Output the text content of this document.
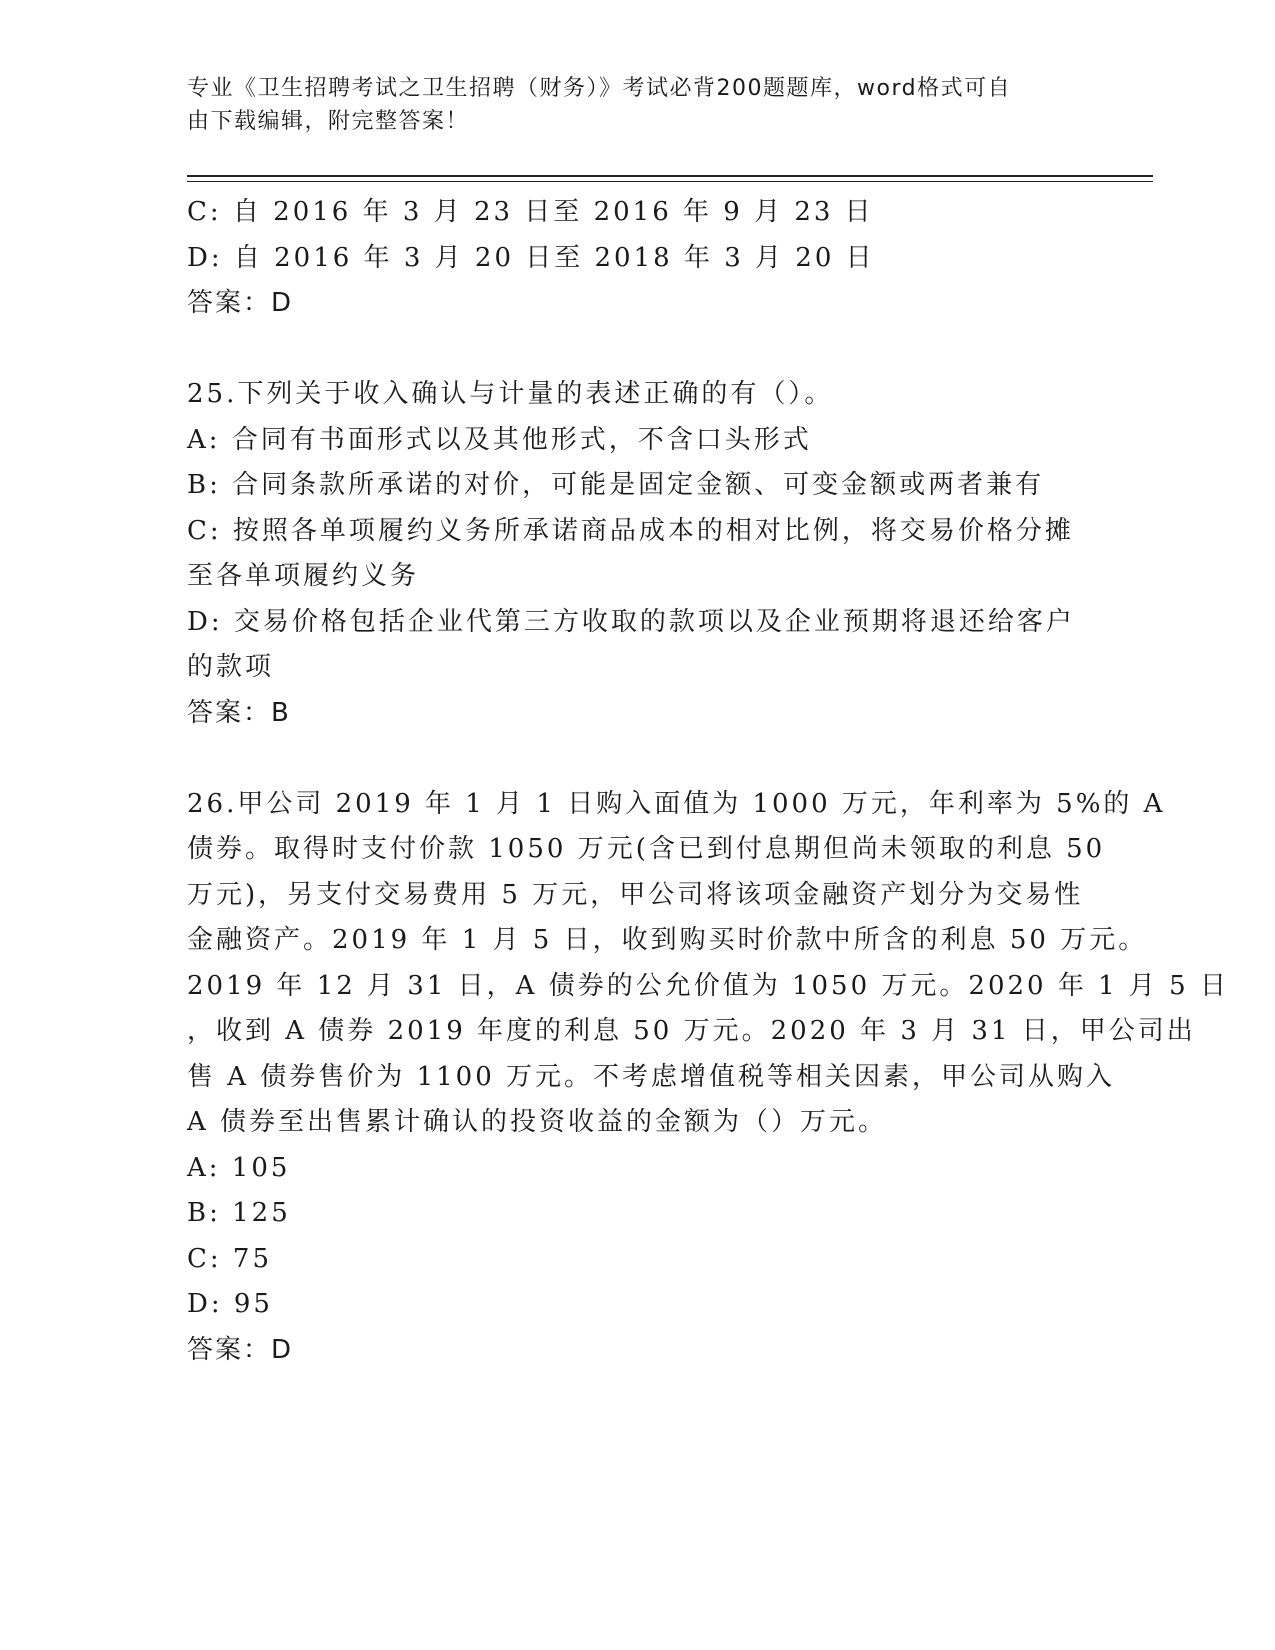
专业《卫生招聘考试之卫生招聘（财务）》考试必背200题题库，word格式可自
由下载编辑，附完整答案！
C: 自 2016 年 3 月 23 日至 2016 年 9 月 23 日
D: 自 2016 年 3 月 20 日至 2018 年 3 月 20 日
答案：D
25.下列关于收入确认与计量的表述正确的有（）。
A: 合同有书面形式以及其他形式，不含口头形式
B: 合同条款所承诺的对价，可能是固定金额、可变金额或两者兼有
C: 按照各单项履约义务所承诺商品成本的相对比例，将交易价格分摊
至各单项履约义务
D: 交易价格包括企业代第三方收取的款项以及企业预期将退还给客户
的款项
答案：B
26.甲公司 2019 年 1 月 1 日购入面值为 1000 万元，年利率为 5%的 A
债券。取得时支付价款 1050 万元(含已到付息期但尚未领取的利息 50
万元)，另支付交易费用 5 万元，甲公司将该项金融资产划分为交易性
金融资产。2019 年 1 月 5 日，收到购买时价款中所含的利息 50 万元。
2019 年 12 月 31 日，A 债券的公允价值为 1050 万元。2020 年 1 月 5 日
，收到 A 债券 2019 年度的利息 50 万元。2020 年 3 月 31 日，甲公司出
售 A 债券售价为 1100 万元。不考虑增值税等相关因素，甲公司从购入
A 债券至出售累计确认的投资收益的金额为（）万元。
A: 105
B: 125
C: 75
D: 95
答案：D
